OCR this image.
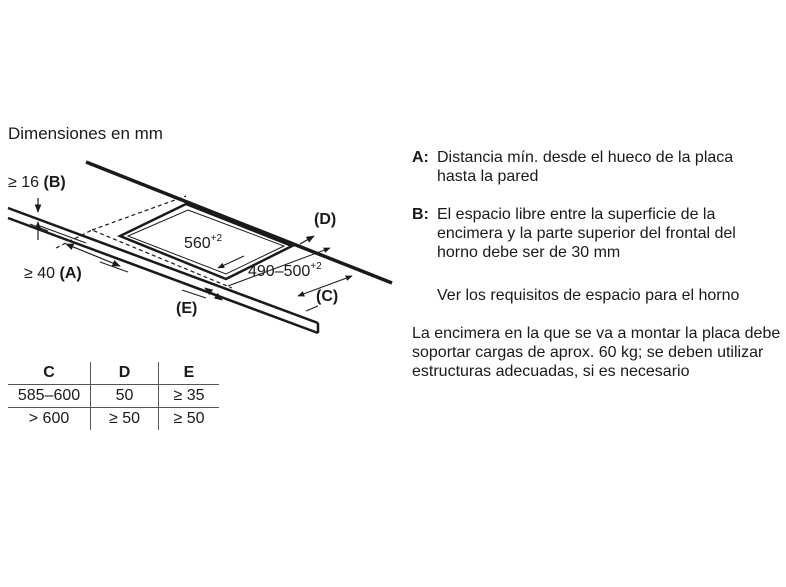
Dimensiones en mm
≥ 16 (B)
≥ 40 (A)
(E)
(C)
(D)
$560^{+2}$
$490-500^{+2}$
C	D	E
585–600	50	≥ 35
> 600	≥ 50	≥ 50
A: Distancia mín. desde el hueco de la placa hasta la pared
B: El espacio libre entre la superficie de la encimera y la parte superior del frontal del horno debe ser de 30 mm
Ver los requisitos de espacio para el horno
La encimera en la que se va a montar la placa debe soportar cargas de aprox. 60 kg; se deben utilizar estructuras adecuadas, si es necesario
